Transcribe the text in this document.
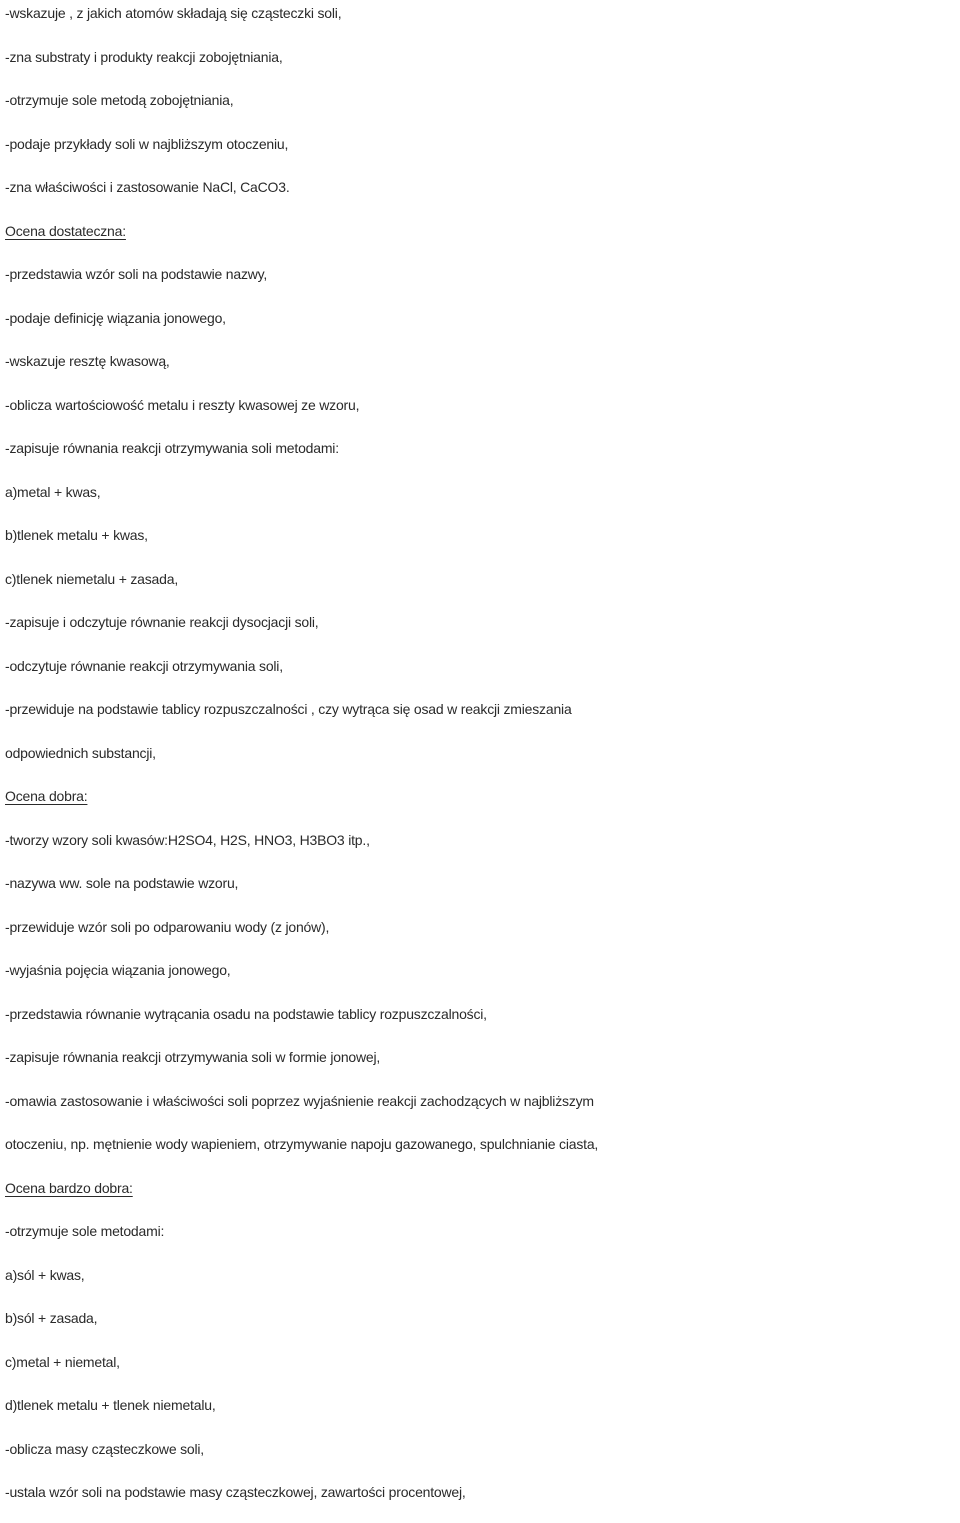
-wskazuje , z jakich atomów składają się cząsteczki soli,
-zna substraty i produkty reakcji zobojętniania,
-otrzymuje sole metodą zobojętniania,
-podaje przykłady soli w najbliższym otoczeniu,
-zna właściwości i zastosowanie NaCl, CaCO3.
Ocena dostateczna:
-przedstawia wzór soli na podstawie nazwy,
-podaje definicję wiązania jonowego,
-wskazuje resztę kwasową,
-oblicza wartościowość metalu i reszty kwasowej ze wzoru,
-zapisuje równania reakcji otrzymywania soli metodami:
a)metal + kwas,
b)tlenek metalu + kwas,
c)tlenek niemetalu + zasada,
-zapisuje i odczytuje równanie reakcji dysocjacji soli,
-odczytuje równanie reakcji otrzymywania soli,
-przewiduje na podstawie tablicy rozpuszczalności , czy wytrąca się osad w reakcji zmieszania
odpowiednich substancji,
Ocena dobra:
-tworzy wzory soli kwasów:H2SO4, H2S, HNO3, H3BO3 itp.,
-nazywa ww. sole na podstawie wzoru,
-przewiduje wzór soli po odparowaniu wody (z jonów),
-wyjaśnia pojęcia wiązania jonowego,
-przedstawia równanie wytrącania osadu na podstawie tablicy rozpuszczalności,
-zapisuje równania reakcji otrzymywania soli w formie jonowej,
-omawia zastosowanie i właściwości soli poprzez wyjaśnienie reakcji zachodzących w najbliższym
otoczeniu, np. mętnienie wody wapieniem, otrzymywanie napoju gazowanego, spulchnianie ciasta,
Ocena bardzo dobra:
-otrzymuje sole metodami:
a)sól + kwas,
b)sól + zasada,
c)metal + niemetal,
d)tlenek metalu + tlenek niemetalu,
-oblicza masy cząsteczkowe soli,
-ustala wzór soli na podstawie masy cząsteczkowej, zawartości procentowej,
